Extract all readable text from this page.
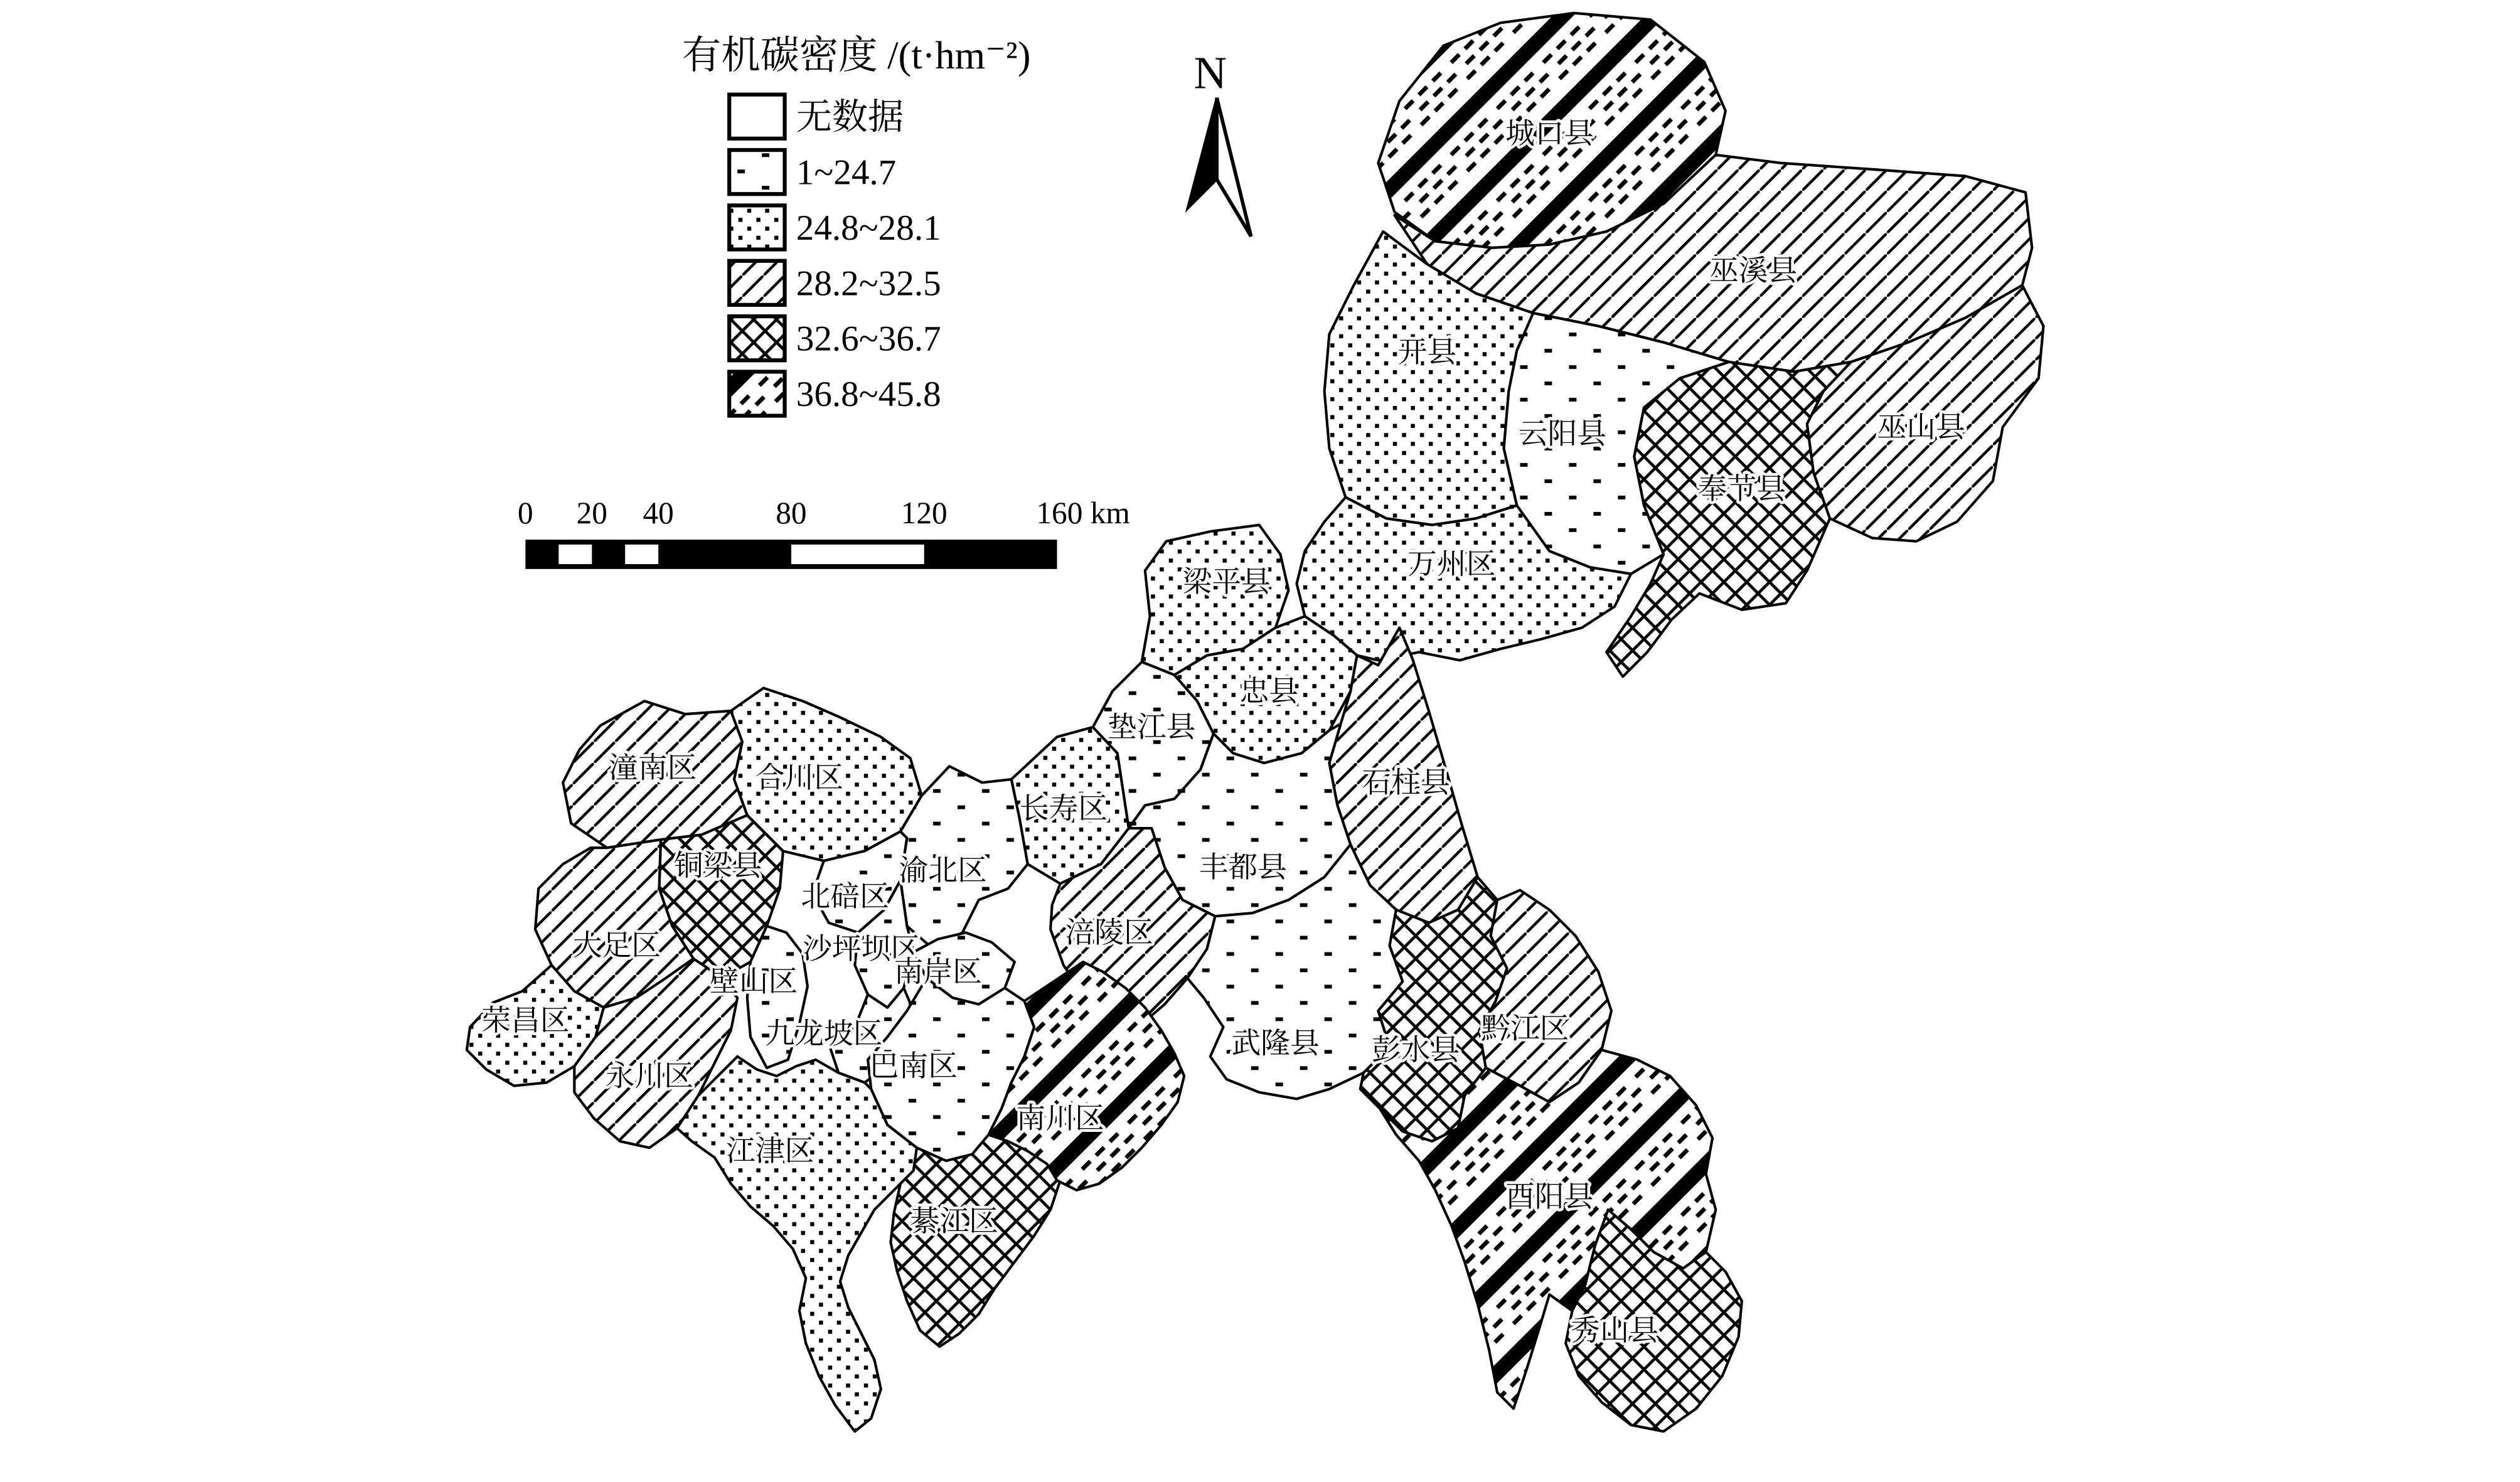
城口县
巫溪县
巫山县
奉节县
云阳县
开县
万州区
梁平县
垫江县
忠县
石柱县
丰都县
长寿区
涪陵区
武隆县	彭水县
黔江区
酉阳县
秀山县
潼南区	合川区
铜梁县
大足区
荣昌区
永川区
壁山区
北碚区
渝北区
沙坪坝区
南岸区
九龙坡区
巴南区
江津区
綦江区
南川区
有机碳密度 /(t·hm⁻²)
无数据
1~24.7
24.8~28.1
28.2~32.5
32.6~36.7
36.8~45.8
N
0	20	40	80	120	160 km
